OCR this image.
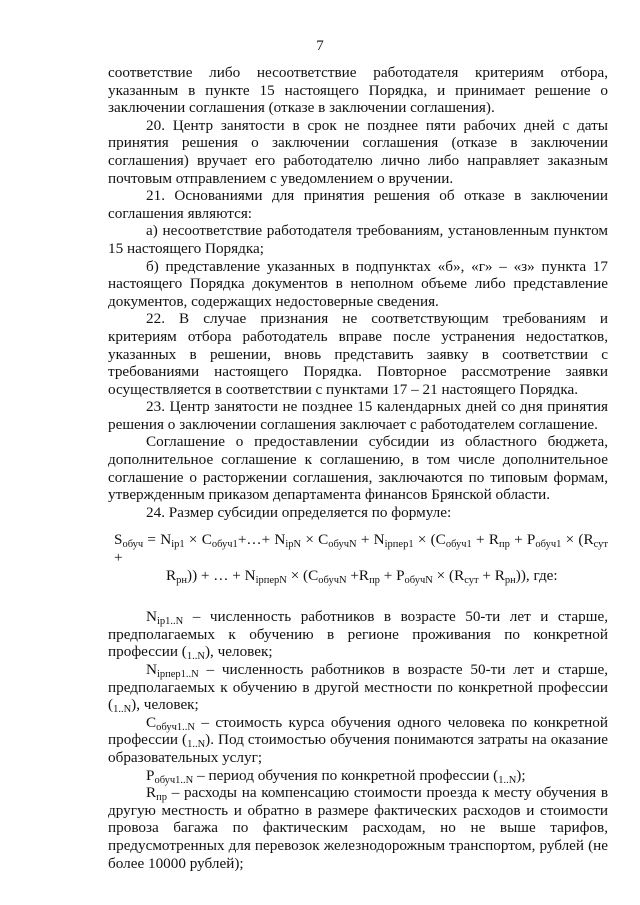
7

соответствие либо несоответствие работодателя критериям отбора, указанным в пункте 15 настоящего Порядка, и принимает решение о заключении соглашения (отказе в заключении соглашения).

20. Центр занятости в срок не позднее пяти рабочих дней с даты принятия решения о заключении соглашения (отказе в заключении соглашения) вручает его работодателю лично либо направляет заказным почтовым отправлением с уведомлением о вручении.

21. Основаниями для принятия решения об отказе в заключении соглашения являются:

а) несоответствие работодателя требованиям, установленным пунктом 15 настоящего Порядка;

б) представление указанных в подпунктах «б», «г» – «з» пункта 17 настоящего Порядка документов в неполном объеме либо представление документов, содержащих недостоверные сведения.

22. В случае признания не соответствующим требованиям и критериям отбора работодатель вправе после устранения недостатков, указанных в решении, вновь представить заявку в соответствии с требованиями настоящего Порядка. Повторное рассмотрение заявки осуществляется в соответствии с пунктами 17 – 21 настоящего Порядка.

23. Центр занятости не позднее 15 календарных дней со дня принятия решения о заключении соглашения заключает с работодателем соглашение.

Соглашение о предоставлении субсидии из областного бюджета, дополнительное соглашение к соглашению, в том числе дополнительное соглашение о расторжении соглашения, заключаются по типовым формам, утвержденным приказом департамента финансов Брянской области.

24. Размер субсидии определяется по формуле:

$S_{обуч} = N_{ip1}$ × $C_{обуч1}+\dots+ N_{ipN} \times C_{обучN} + N_{ipпер1} \times (C_{обуч1} + R_{пр} + P_{обуч1} \times (R_{сут}$ +

$R_{рн}$)) + … + $N_{ipперN} \times (C_{обучN} +R_{пр} + P_{обучN} \times (R_{сут} + R_{рн}))$, где:

$N_{ip1..N}$ – численность работников в возрасте 50-ти лет и старше, предполагаемых к обучению в регионе проживания по конкретной профессии $(_{1..N})$, человек;

$N_{ipпер1..N}$ – численность работников в возрасте 50-ти лет и старше, предполагаемых к обучению в другой местности по конкретной профессии $(_{1..N})$, человек;

$C_{обуч1..N}$ – стоимость курса обучения одного человека по конкретной профессии $(_{1..N})$. Под стоимостью обучения понимаются затраты на оказание образовательных услуг;

$P_{обуч1..N}$ – период обучения по конкретной профессии $(_{1..N})$;

$R_{пр}$ – расходы на компенсацию стоимости проезда к месту обучения в другую местность и обратно в размере фактических расходов и стоимости провоза багажа по фактическим расходам, но не выше тарифов, предусмотренных для перевозок железнодорожным транспортом, рублей (не более 10000 рублей);
